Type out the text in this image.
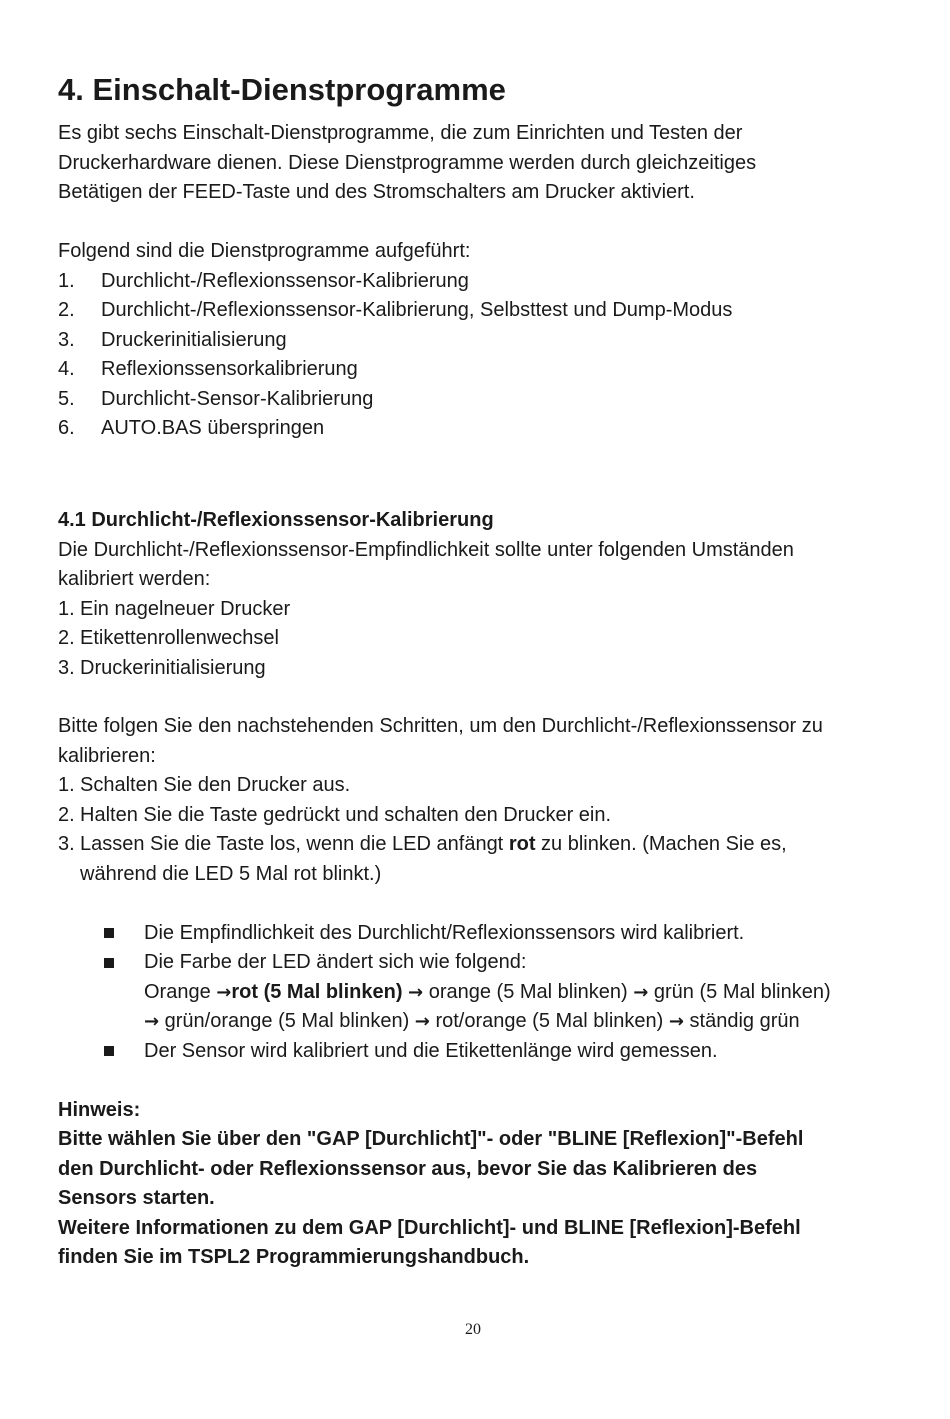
4. Einschalt-Dienstprogramme

Es gibt sechs Einschalt-Dienstprogramme, die zum Einrichten und Testen der

Druckerhardware dienen. Diese Dienstprogramme werden durch gleichzeitiges

Betätigen der FEED-Taste und des Stromschalters am Drucker aktiviert.

Folgend sind die Dienstprogramme aufgeführt:

1. Durchlicht-/Reflexionssensor-Kalibrierung
2. Durchlicht-/Reflexionssensor-Kalibrierung, Selbsttest und Dump-Modus
3. Druckerinitialisierung
4. Reflexionssensorkalibrierung
5. Durchlicht-Sensor-Kalibrierung
6. AUTO.BAS überspringen

4.1 Durchlicht-/Reflexionssensor-Kalibrierung

Die Durchlicht-/Reflexionssensor-Empfindlichkeit sollte unter folgenden Umständen

kalibriert werden:

1. Ein nagelneuer Drucker
2. Etikettenrollenwechsel
3. Druckerinitialisierung

Bitte folgen Sie den nachstehenden Schritten, um den Durchlicht-/Reflexionssensor zu

kalibrieren:

1. Schalten Sie den Drucker aus.
2. Halten Sie die Taste gedrückt und schalten den Drucker ein.
3. Lassen Sie die Taste los, wenn die LED anfängt rot zu blinken. (Machen Sie es,

während die LED 5 Mal rot blinkt.)

Die Empfindlichkeit des Durchlicht/Reflexionssensors wird kalibriert.

Die Farbe der LED ändert sich wie folgend:

Orange →rot (5 Mal blinken) → orange (5 Mal blinken) → grün (5 Mal blinken)

→ grün/orange (5 Mal blinken) → rot/orange (5 Mal blinken) → ständig grün

Der Sensor wird kalibriert und die Etikettenlänge wird gemessen.

Hinweis:

Bitte wählen Sie über den "GAP [Durchlicht]"- oder "BLINE [Reflexion]"-Befehl

den Durchlicht- oder Reflexionssensor aus, bevor Sie das Kalibrieren des

Sensors starten.

Weitere Informationen zu dem GAP [Durchlicht]- und BLINE [Reflexion]-Befehl

finden Sie im TSPL2 Programmierungshandbuch.

20
